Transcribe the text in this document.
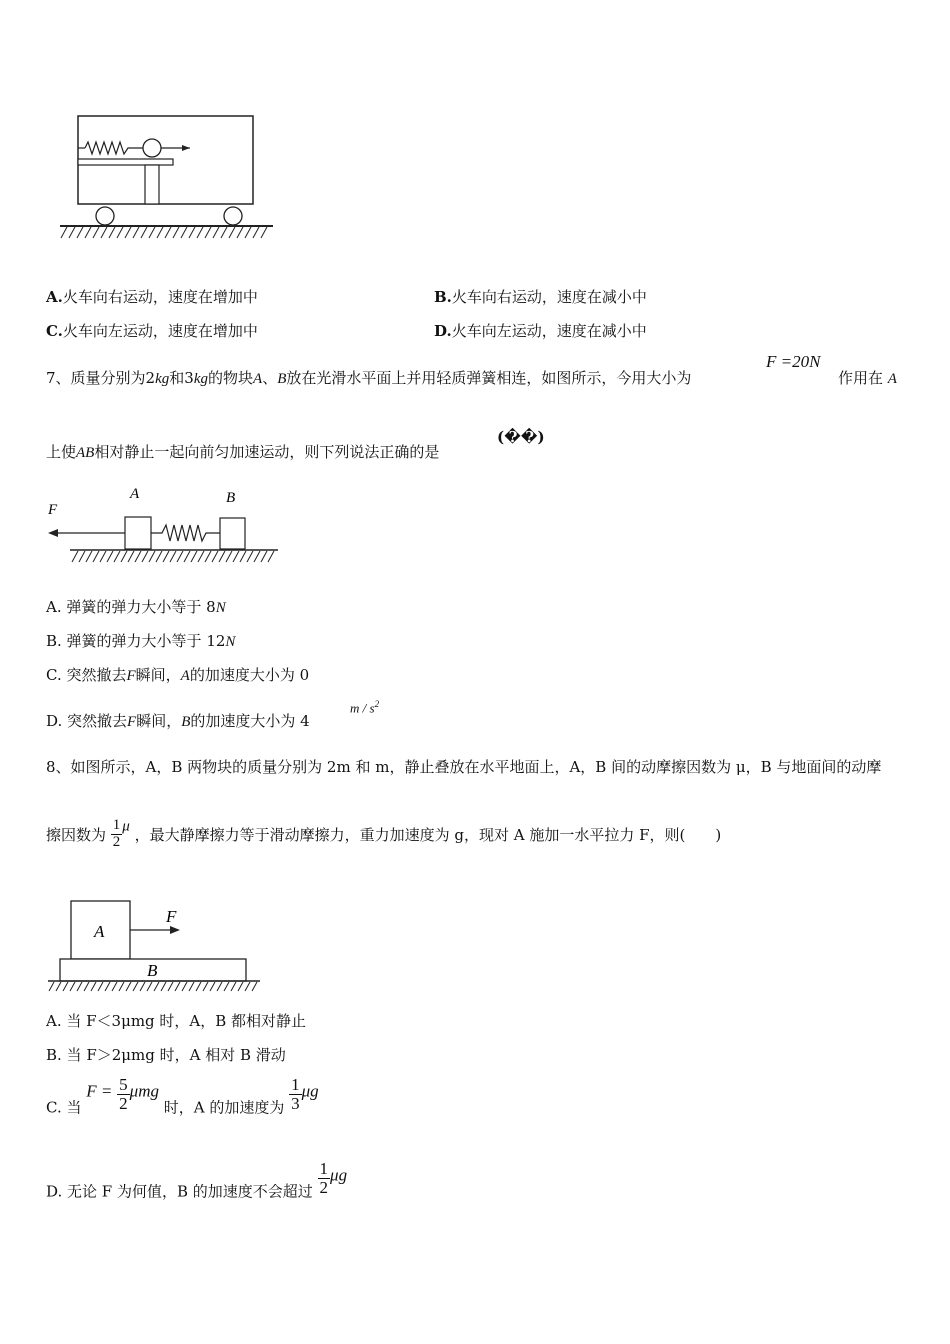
A.火车向右运动，速度在增加中	B.火车向右运动，速度在减小中
C.火车向左运动，速度在增加中	D.火车向左运动，速度在减小中
7、质量分别为2kg和3kg的物块A、B放在光滑水平面上并用轻质弹簧相连，如图所示，今用大小为
F =20N
作用在 A
上使AB相对静止一起向前匀加速运动，则下列说法正确的是
(��)
F
A	B
A. 弹簧的弹力大小等于 8N
B. 弹簧的弹力大小等于 12N
C. 突然撤去F瞬间，A的加速度大小为 0
D. 突然撤去F瞬间，B的加速度大小为 4
m / $s^2$
8、如图所示，A，B 两物块的质量分别为 2m 和 m，静止叠放在水平地面上，A，B 间的动摩擦因数为 μ，B 与地面间的动摩
擦因数为 $\frac{1}{2}$ μ ，最大静摩擦力等于滑动摩擦力，重力加速度为 g，现对 A 施加一水平拉力 F，则(　　)
A
F
B
A. 当 F＜3μmg 时，A，B 都相对静止
B. 当 F＞2μmg 时，A 相对 B 滑动
C. 当 $F = \frac{5}{2}$ μmg 时，A 的加速度为 $\frac{1}{3}$ μg
D. 无论 F 为何值，B 的加速度不会超过 $\frac{1}{2}$ μg
